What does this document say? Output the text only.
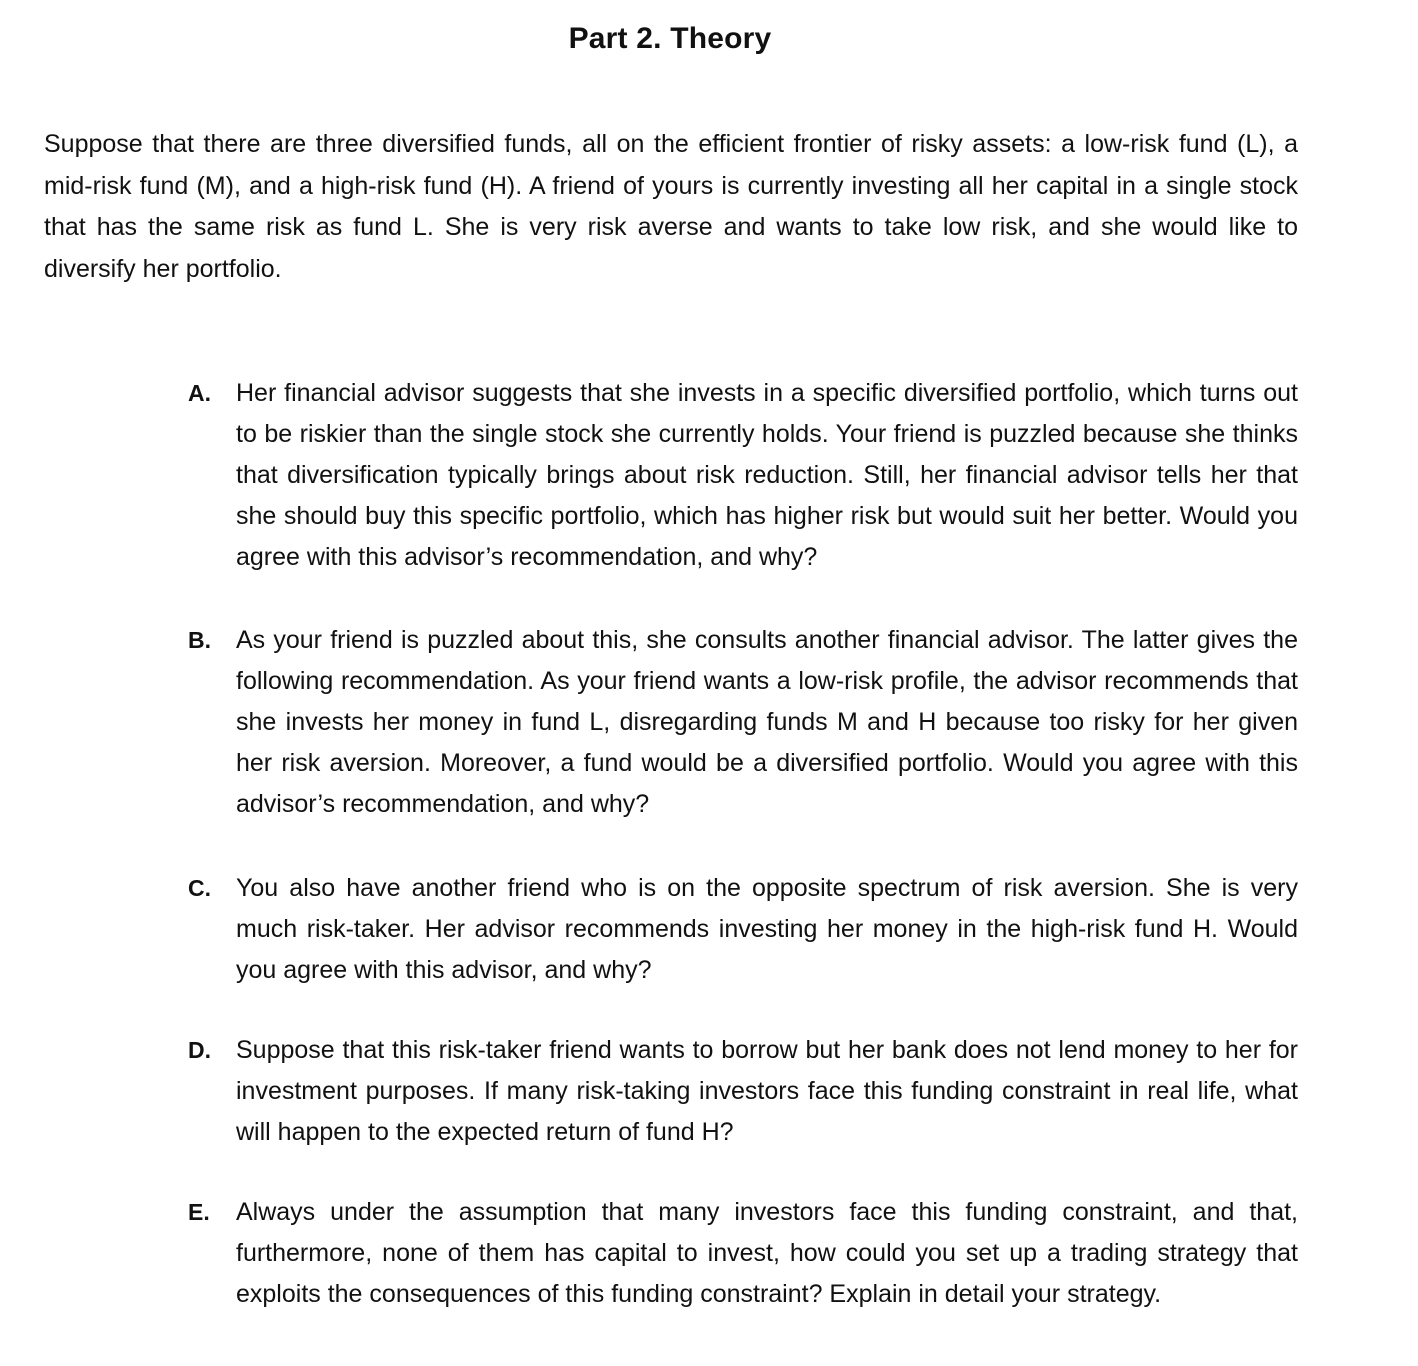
Part 2. Theory
Suppose that there are three diversified funds, all on the efficient frontier of risky assets: a low-risk fund (L), a mid-risk fund (M), and a high-risk fund (H). A friend of yours is currently investing all her capital in a single stock that has the same risk as fund L. She is very risk averse and wants to take low risk, and she would like to diversify her portfolio.
A. Her financial advisor suggests that she invests in a specific diversified portfolio, which turns out to be riskier than the single stock she currently holds. Your friend is puzzled because she thinks that diversification typically brings about risk reduction. Still, her financial advisor tells her that she should buy this specific portfolio, which has higher risk but would suit her better. Would you agree with this advisor’s recommendation, and why?
B. As your friend is puzzled about this, she consults another financial advisor. The latter gives the following recommendation. As your friend wants a low-risk profile, the advisor recommends that she invests her money in fund L, disregarding funds M and H because too risky for her given her risk aversion. Moreover, a fund would be a diversified portfolio. Would you agree with this advisor’s recommendation, and why?
C. You also have another friend who is on the opposite spectrum of risk aversion. She is very much risk-taker. Her advisor recommends investing her money in the high-risk fund H. Would you agree with this advisor, and why?
D. Suppose that this risk-taker friend wants to borrow but her bank does not lend money to her for investment purposes. If many risk-taking investors face this funding constraint in real life, what will happen to the expected return of fund H?
E. Always under the assumption that many investors face this funding constraint, and that, furthermore, none of them has capital to invest, how could you set up a trading strategy that exploits the consequences of this funding constraint? Explain in detail your strategy.
